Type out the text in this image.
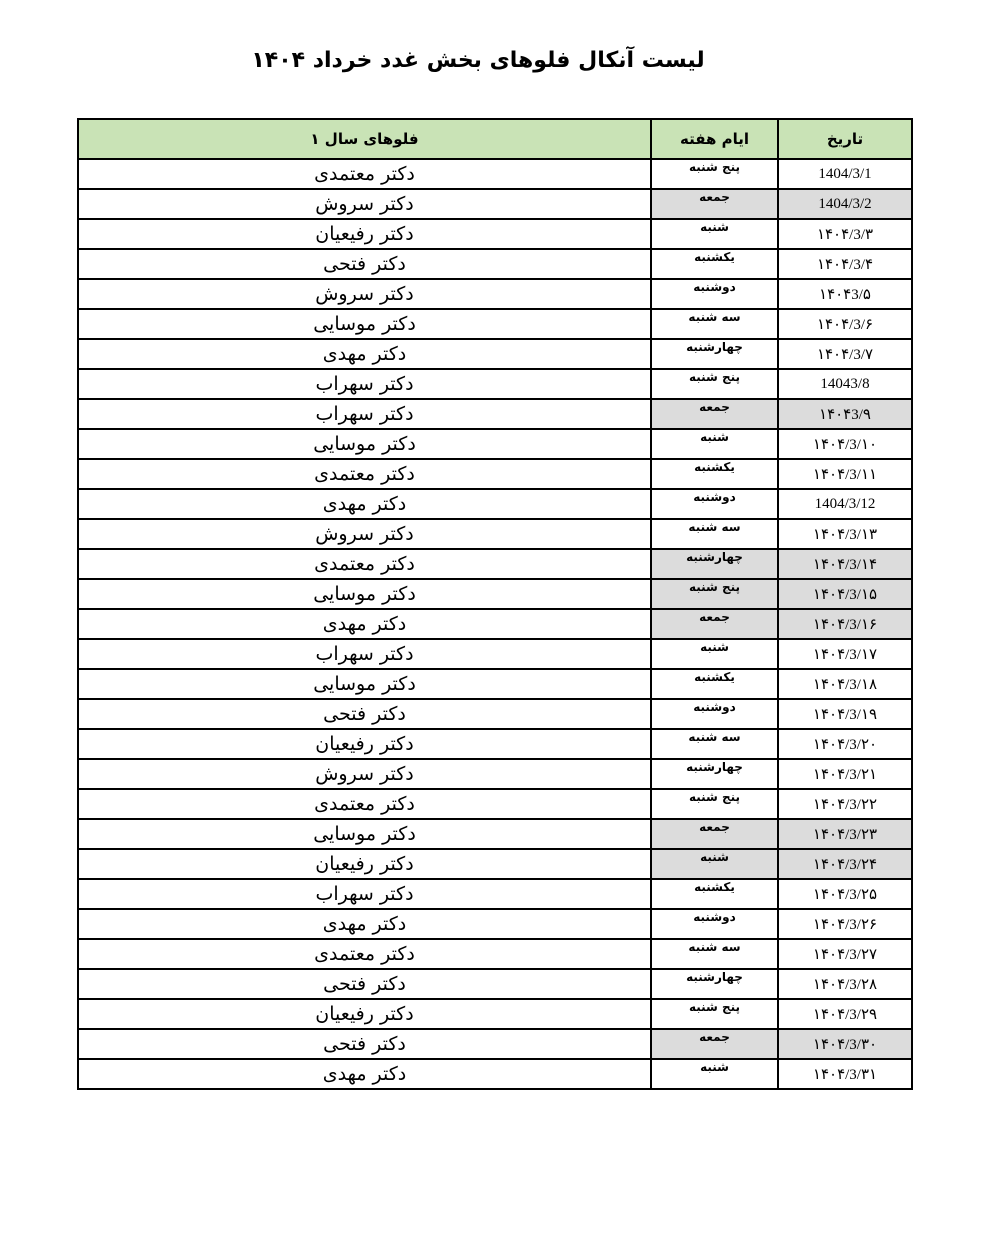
لیست آنکال فلوهای بخش غدد خرداد ۱۴۰۴
فلوهای سال ۱	ایام هفته	تاریخ
دکتر معتمدی	پنج شنبه	1404/3/1
دکتر سروش	جمعه	1404/3/2
دکتر رفیعیان	شنبه	۱۴۰۴/3/۳
دکتر فتحی	یکشنبه	۱۴۰۴/3/۴
دکتر سروش	دوشنبه	۱۴۰۴3/۵
دکتر موسایی	سه شنبه	۱۴۰۴/3/۶
دکتر مهدی	چهارشنبه	۱۴۰۴/3/۷
دکتر سهراب	پنج شنبه	14043/8
دکتر سهراب	جمعه	۱۴۰۴3/۹
دکتر موسایی	شنبه	۱۴۰۴/3/۱۰
دکتر معتمدی	یکشنبه	۱۴۰۴/3/۱۱
دکتر مهدی	دوشنبه	1404/3/12
دکتر سروش	سه شنبه	۱۴۰۴/3/۱۳
دکتر معتمدی	چهارشنبه	۱۴۰۴/3/۱۴
دکتر موسایی	پنج شنبه	۱۴۰۴/3/۱۵
دکتر مهدی	جمعه	۱۴۰۴/3/۱۶
دکتر سهراب	شنبه	۱۴۰۴/3/۱۷
دکتر موسایی	یکشنبه	۱۴۰۴/3/۱۸
دکتر فتحی	دوشنبه	۱۴۰۴/3/۱۹
دکتر رفیعیان	سه شنبه	۱۴۰۴/3/۲۰
دکتر سروش	چهارشنبه	۱۴۰۴/3/۲۱
دکتر معتمدی	پنج شنبه	۱۴۰۴/3/۲۲
دکتر موسایی	جمعه	۱۴۰۴/3/۲۳
دکتر رفیعیان	شنبه	۱۴۰۴/3/۲۴
دکتر سهراب	یکشنبه	۱۴۰۴/3/۲۵
دکتر مهدی	دوشنبه	۱۴۰۴/3/۲۶
دکتر معتمدی	سه شنبه	۱۴۰۴/3/۲۷
دکتر فتحی	چهارشنبه	۱۴۰۴/3/۲۸
دکتر رفیعیان	پنج شنبه	۱۴۰۴/3/۲۹
دکتر فتحی	جمعه	۱۴۰۴/3/۳۰
دکتر مهدی	شنبه	۱۴۰۴/3/۳۱
